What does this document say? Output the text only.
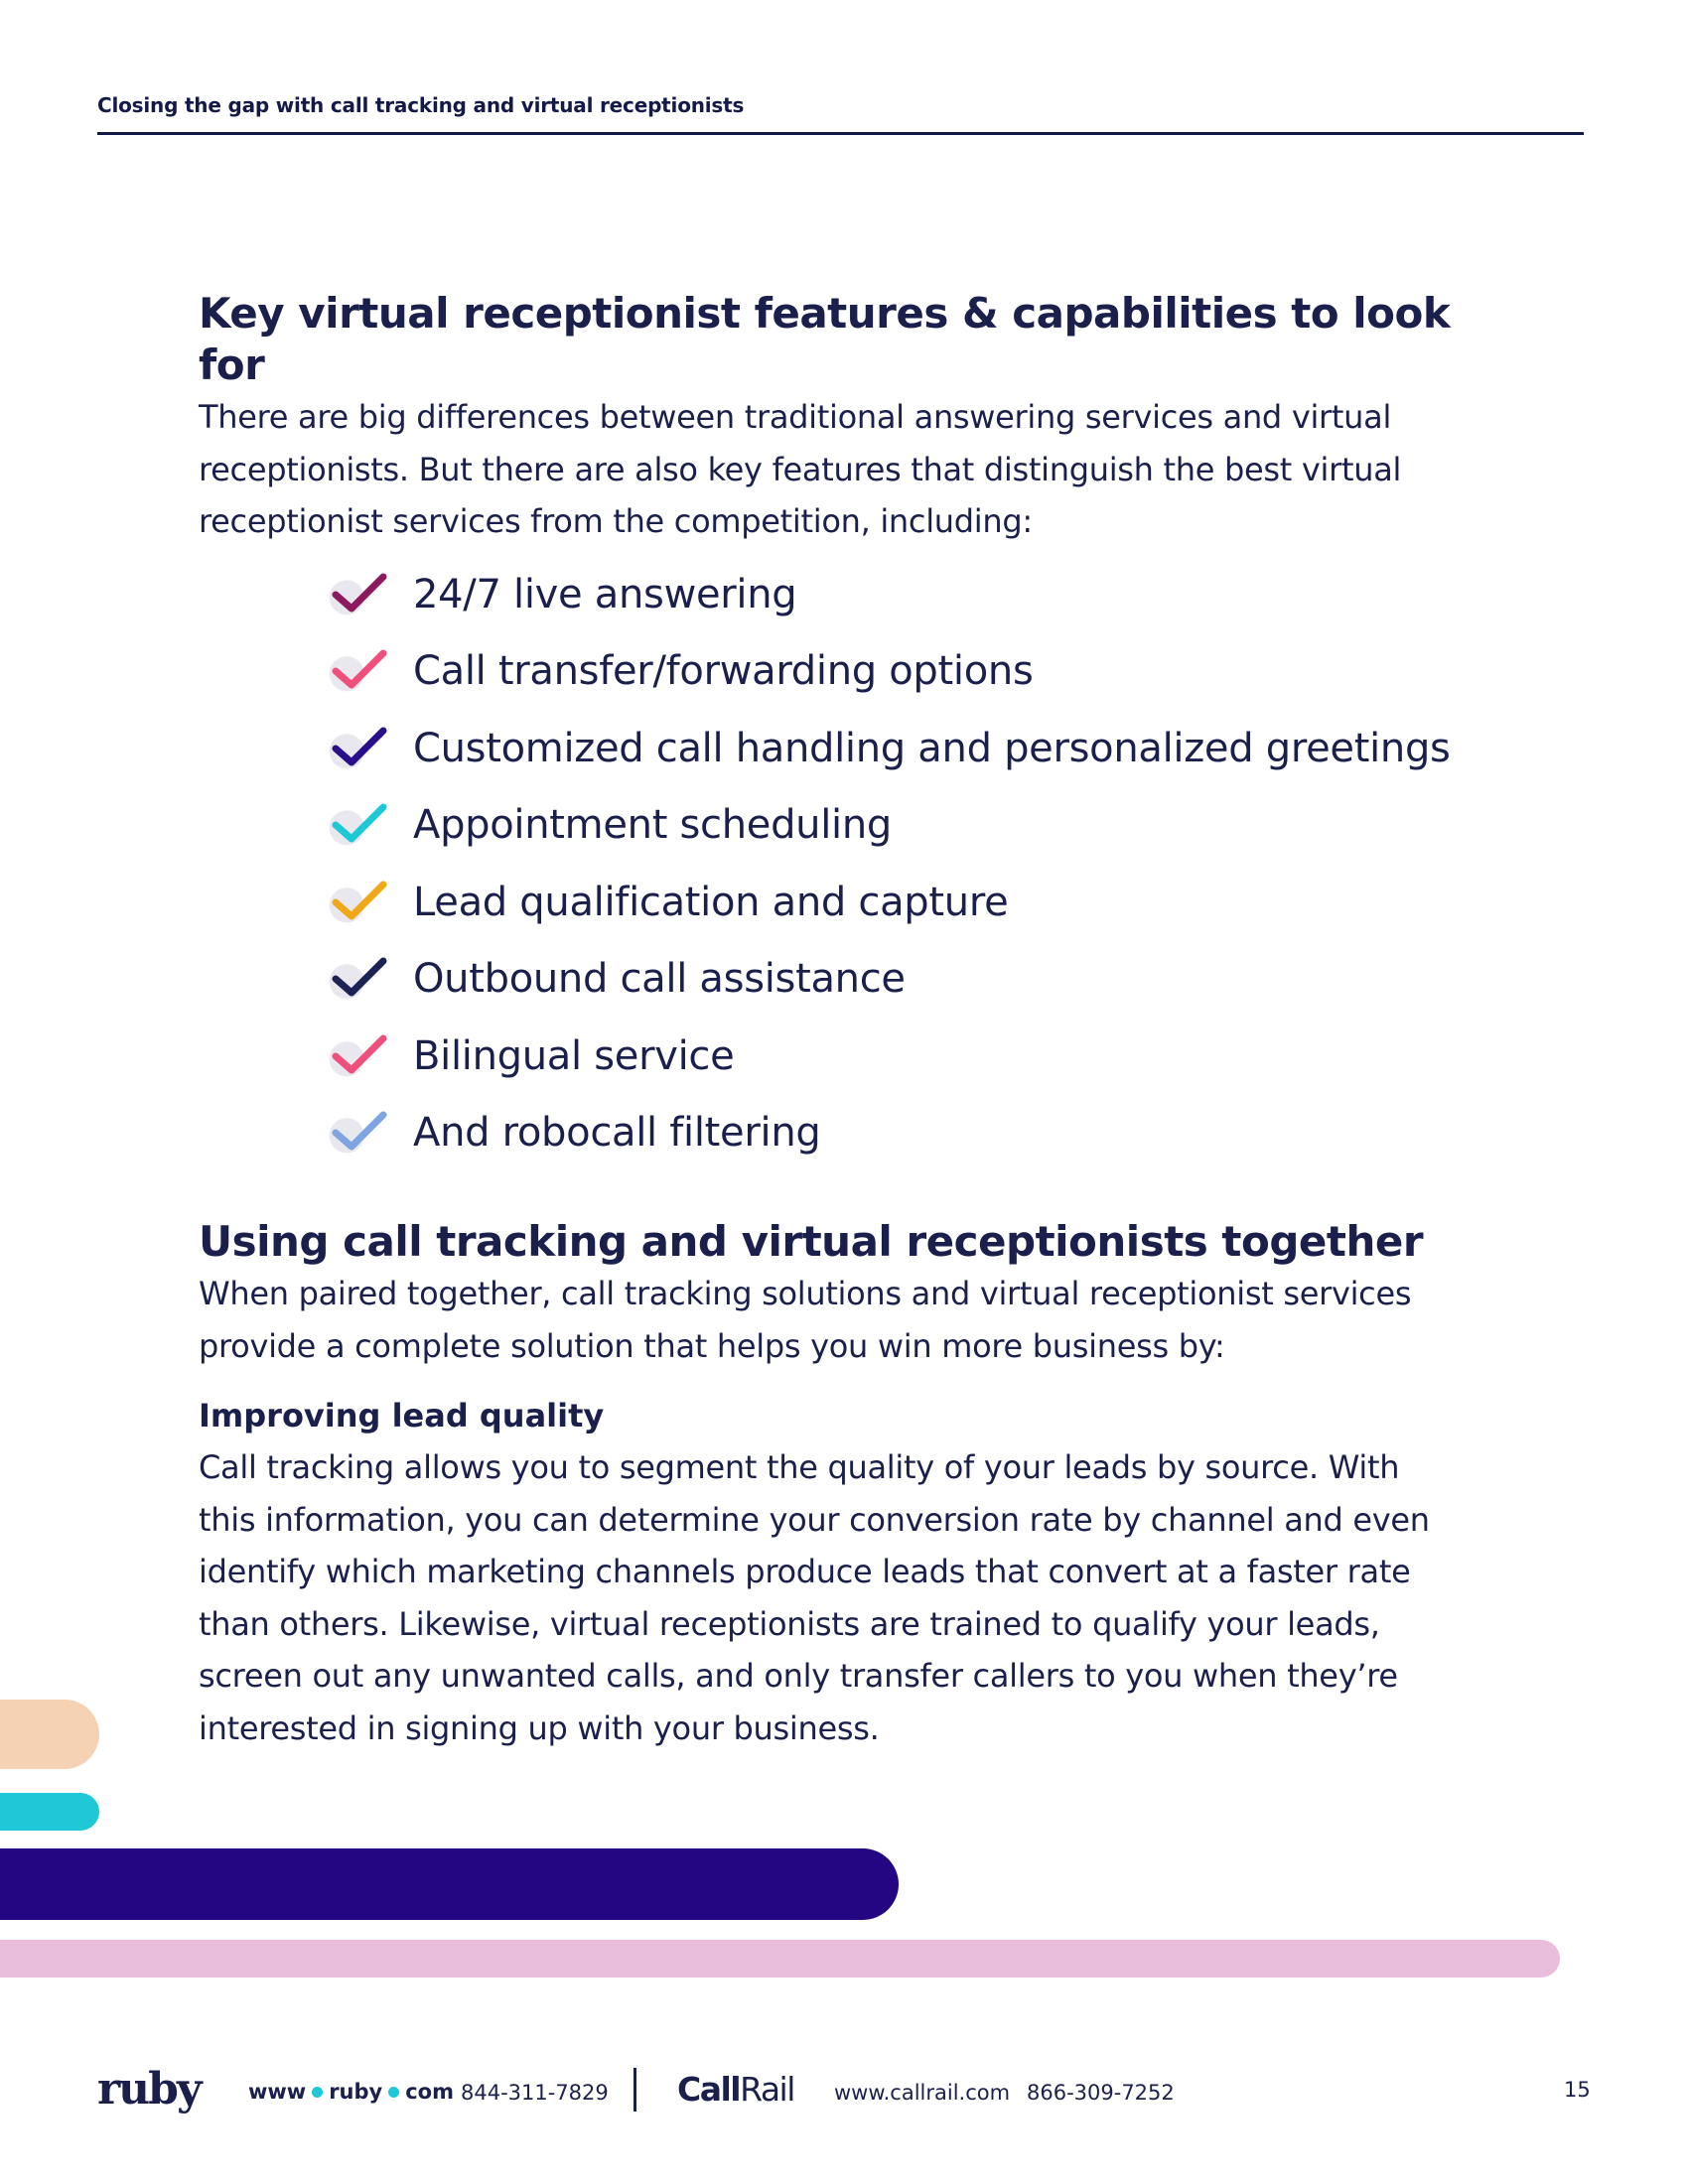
Closing the gap with call tracking and virtual receptionists
Key virtual receptionist features & capabilities to look for

There are big differences between traditional answering services and virtual
receptionists. But there are also key features that distinguish the best virtual
receptionist services from the competition, including:

24/7 live answering
Call transfer/forwarding options
Customized call handling and personalized greetings
Appointment scheduling
Lead qualification and capture
Outbound call assistance
Bilingual service
And robocall filtering
Using call tracking and virtual receptionists together

When paired together, call tracking solutions and virtual receptionist services
provide a complete solution that helps you win more business by:

Improving lead quality

Call tracking allows you to segment the quality of your leads by source. With
this information, you can determine your conversion rate by channel and even
identify which marketing channels produce leads that convert at a faster rate
than others. Likewise, virtual receptionists are trained to qualify your leads,
screen out any unwanted calls, and only transfer callers to you when they’re
interested in signing up with your business.

ruby www ruby com 844-311-7829 CallRail www.callrail.com 866-309-7252	15
